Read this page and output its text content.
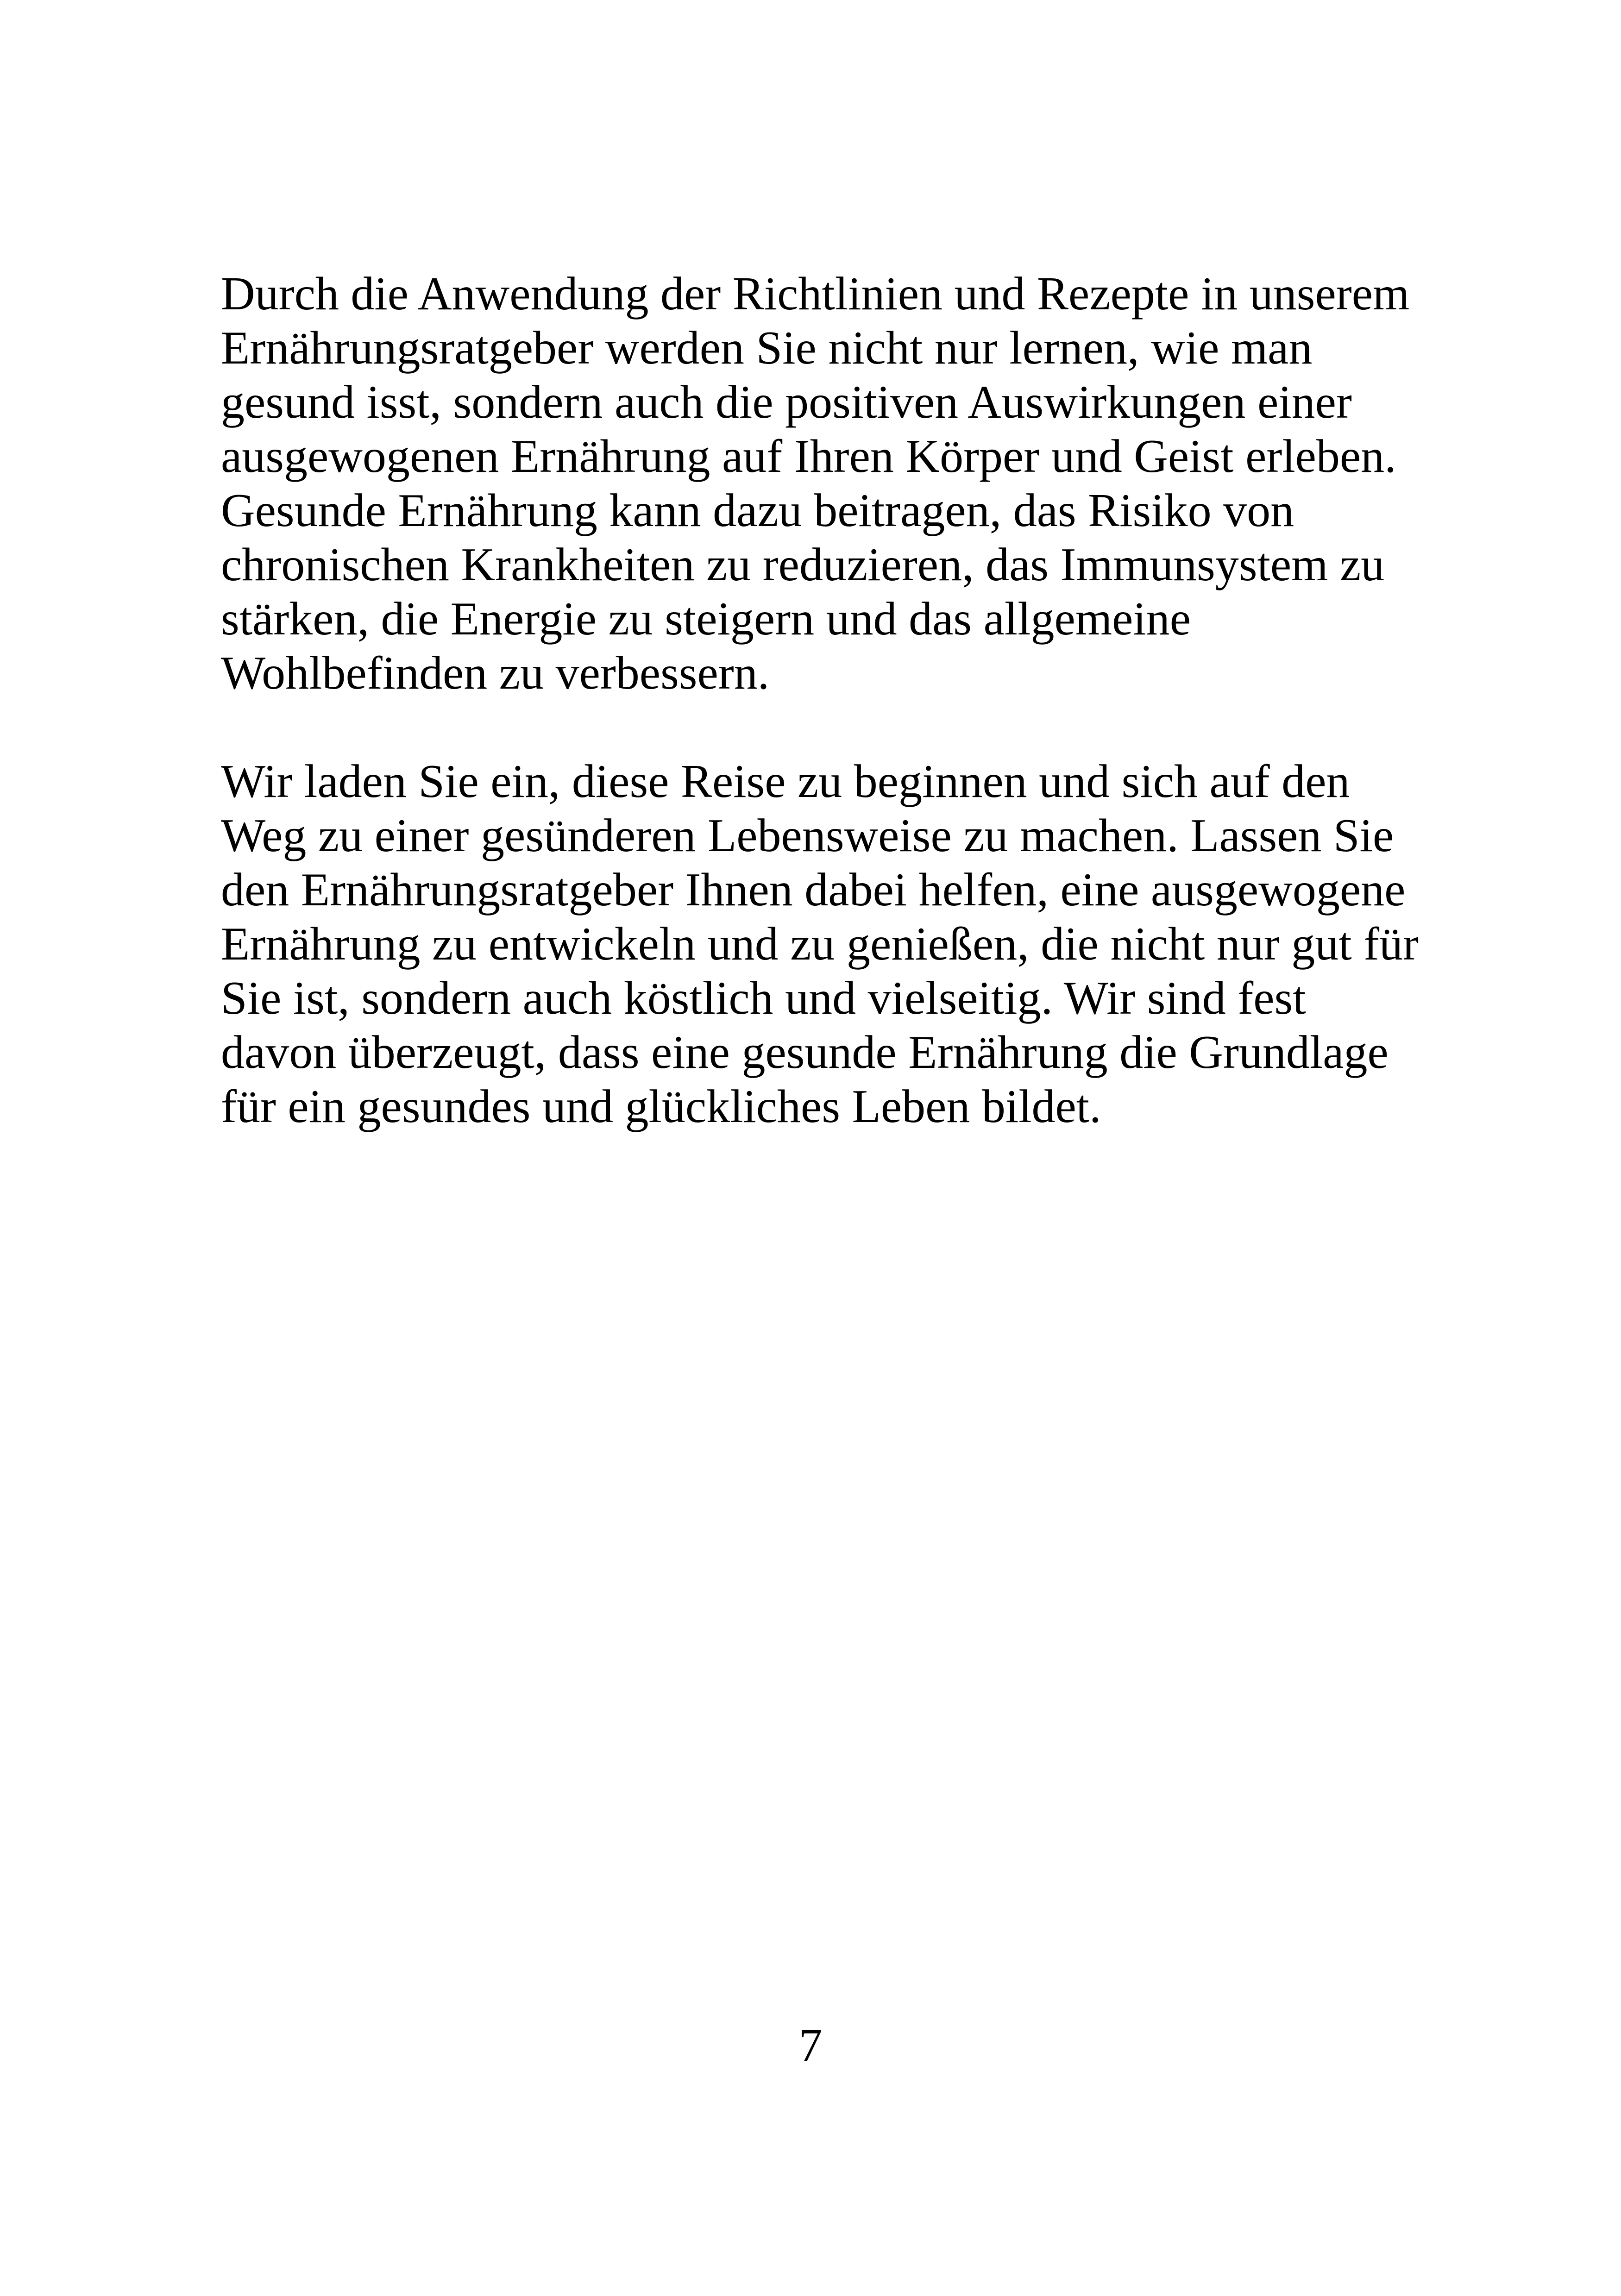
Durch die Anwendung der Richtlinien und Rezepte in unserem
Ernährungsratgeber werden Sie nicht nur lernen, wie man
gesund isst, sondern auch die positiven Auswirkungen einer
ausgewogenen Ernährung auf Ihren Körper und Geist erleben.
Gesunde Ernährung kann dazu beitragen, das Risiko von
chronischen Krankheiten zu reduzieren, das Immunsystem zu
stärken, die Energie zu steigern und das allgemeine
Wohlbefinden zu verbessern.

Wir laden Sie ein, diese Reise zu beginnen und sich auf den
Weg zu einer gesünderen Lebensweise zu machen. Lassen Sie
den Ernährungsratgeber Ihnen dabei helfen, eine ausgewogene
Ernährung zu entwickeln und zu genießen, die nicht nur gut für
Sie ist, sondern auch köstlich und vielseitig. Wir sind fest
davon überzeugt, dass eine gesunde Ernährung die Grundlage
für ein gesundes und glückliches Leben bildet.

7
